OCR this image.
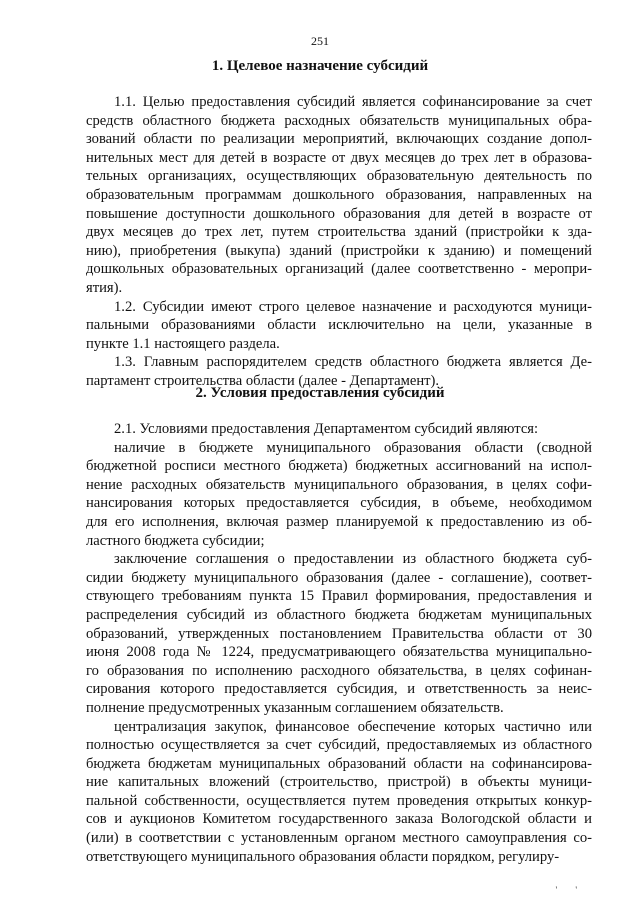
251
1. Целевое назначение субсидий
1.1. Целью предоставления субсидий является софинансирование за счет
средств областного бюджета расходных обязательств муниципальных обра-
зований области по реализации мероприятий, включающих создание допол-
нительных мест для детей в возрасте от двух месяцев до трех лет в образова-
тельных организациях, осуществляющих образовательную деятельность по
образовательным программам дошкольного образования, направленных на
повышение доступности дошкольного образования для детей в возрасте от
двух месяцев до трех лет, путем строительства зданий (пристройки к зда-
нию), приобретения (выкупа) зданий (пристройки к зданию) и помещений
дошкольных образовательных организаций (далее соответственно - меропри-
ятия).
1.2. Субсидии имеют строго целевое назначение и расходуются муници-
пальными образованиями области исключительно на цели, указанные в
пункте 1.1 настоящего раздела.
1.3. Главным распорядителем средств областного бюджета является Де-
партамент строительства области (далее - Департамент).
2. Условия предоставления субсидий
2.1. Условиями предоставления Департаментом субсидий являются:
наличие в бюджете муниципального образования области (сводной
бюджетной росписи местного бюджета) бюджетных ассигнований на испол-
нение расходных обязательств муниципального образования, в целях софи-
нансирования которых предоставляется субсидия, в объеме, необходимом
для его исполнения, включая размер планируемой к предоставлению из об-
ластного бюджета субсидии;
заключение соглашения о предоставлении из областного бюджета суб-
сидии бюджету муниципального образования (далее - соглашение), соответ-
ствующего требованиям пункта 15 Правил формирования, предоставления и
распределения субсидий из областного бюджета бюджетам муниципальных
образований, утвержденных постановлением Правительства области от 30
июня 2008 года № 1224, предусматривающего обязательства муниципально-
го образования по исполнению расходного обязательства, в целях софинан-
сирования которого предоставляется субсидия, и ответственность за неис-
полнение предусмотренных указанным соглашением обязательств.
централизация закупок, финансовое обеспечение которых частично или
полностью осуществляется за счет субсидий, предоставляемых из областного
бюджета бюджетам муниципальных образований области на софинансирова-
ние капитальных вложений (строительство, пристрой) в объекты муници-
пальной собственности, осуществляется путем проведения открытых конкур-
сов и аукционов Комитетом государственного заказа Вологодской области и
(или) в соответствии с установленным органом местного самоуправления со-
ответствующего муниципального образования области порядком, регулиру-
' '
